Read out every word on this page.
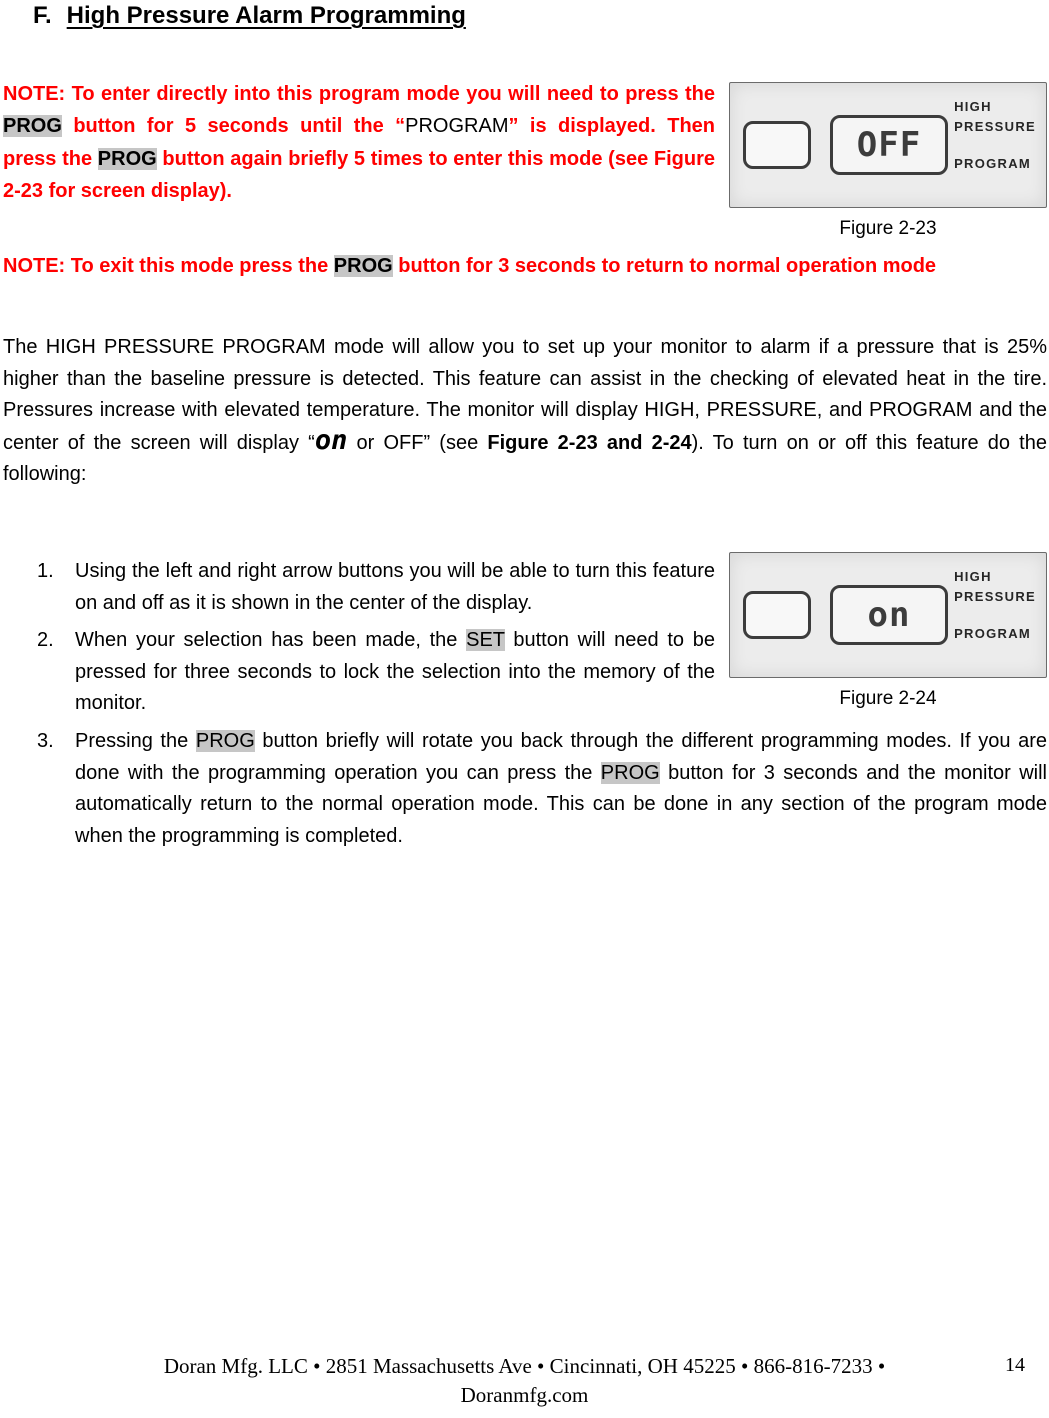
F. High Pressure Alarm Programming

NOTE: To enter directly into this program mode you will need to press the PROG button for 5 seconds until the “PROGRAM” is displayed. Then press the PROG button again briefly 5 times to enter this mode (see Figure 2-23 for screen display).

OFF
HIGH
PRESSURE
PROGRAM
Figure 2-23

NOTE: To exit this mode press the PROG button for 3 seconds to return to normal operation mode

The HIGH PRESSURE PROGRAM mode will allow you to set up your monitor to alarm if a pressure that is 25% higher than the baseline pressure is detected. This feature can assist in the checking of elevated heat in the tire. Pressures increase with elevated temperature. The monitor will display HIGH, PRESSURE, and PROGRAM and the center of the screen will display “on or OFF” (see Figure 2-23 and 2-24). To turn on or off this feature do the following:

on
HIGH
PRESSURE
PROGRAM
Figure 2-24
1. Using the left and right arrow buttons you will be able to turn this feature on and off as it is shown in the center of the display.
2. When your selection has been made, the SET button will need to be pressed for three seconds to lock the selection into the memory of the monitor.
3. Pressing the PROG button briefly will rotate you back through the different programming modes. If you are done with the programming operation you can press the PROG button for 3 seconds and the monitor will automatically return to the normal operation mode. This can be done in any section of the program mode when the programming is completed.
Doran Mfg. LLC • 2851 Massachusetts Ave • Cincinnati, OH 45225 • 866-816-7233 •
Doranmfg.com
14
